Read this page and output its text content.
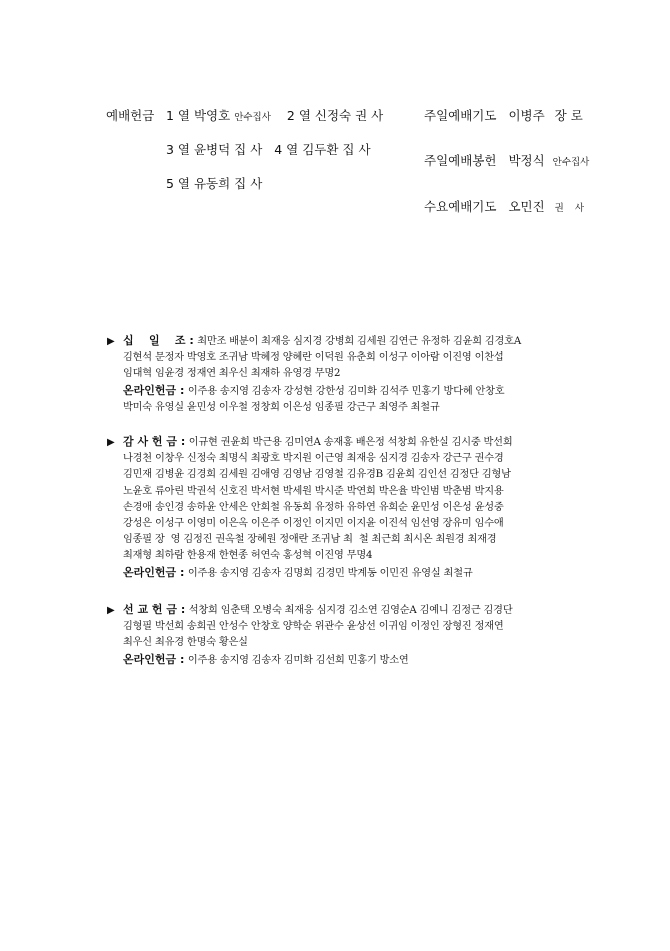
예배헌금 1 열 박영호 안수집사 2 열 신정숙 권 사
3 열 윤병덕 집 사   4 열 김두환 집 사
5 열 유동희 집 사
주일예배기도 이병주 장 로
주일예배봉헌 박정식 안수집사
수요예배기도 오민진 권 사
▶ 십    일    조 : 최만조 배분이 최재응 심지경 강병희 김세원 김연근 유정하 김윤희 김경호A
김현석 문정자 박영호 조귀남 박혜정 양혜란 이덕원 유춘희 이성구 이아람 이진영 이찬섭
임대혁 임윤경 정재연 최우신 최재하 유영경 무명2
온라인헌금 : 이주용 송지영 김송자 강성현 강한성 김미화 김석주 민홍기 방다혜 안창호
박미숙 유영실 윤민성 이우철 정창희 이은성 임종필 강근구 최영주 최철규
▶ 감 사 헌 금 : 이규현 권윤희 박근용 김미연A 송재홍 배은정 석창희 유한실 김시중 박선희
나경천 이창우 신정숙 최명식 최광호 박지원 이근영 최재응 심지경 김송자 강근구 권수경
김민재 김병윤 김경희 김세원 김애영 김영남 김영철 김유경B 김윤희 김인선 김정단 김형남
노윤호 류아린 박권석 신호진 박서현 박세원 박시준 박연희 박은율 박인범 박춘범 박지용
손경애 송인경 송하윤 안세은 안희철 유동희 유정하 유하연 유희순 윤민성 이은성 윤성중
강성은 이성구 이영미 이은옥 이은주 이정인 이지민 이지윤 이진석 임선영 장유미 임수애
임종필 장  영 김정진 권옥철 장혜원 정애란 조귀남 최  철 최근희 최시온 최원경 최재경
최재형 최하람 한용재 한현종 허연숙 홍성혁 이진영 무명4
온라인헌금 : 이주용 송지영 김송자 김명희 김경민 박계동 이민진 유영실 최철규
▶ 선 교 헌 금 : 석창희 임춘택 오병숙 최재응 심지경 김소연 김영순A 김예니 김정근 김경단
김형필 박선희 송희권 안성수 안창호 양학순 위관수 윤상선 이귀임 이정인 장형진 정재연
최우신 최유경 한명숙 황은실
온라인헌금 : 이주용 송지영 김송자 김미화 김선희 민홍기 방소연
